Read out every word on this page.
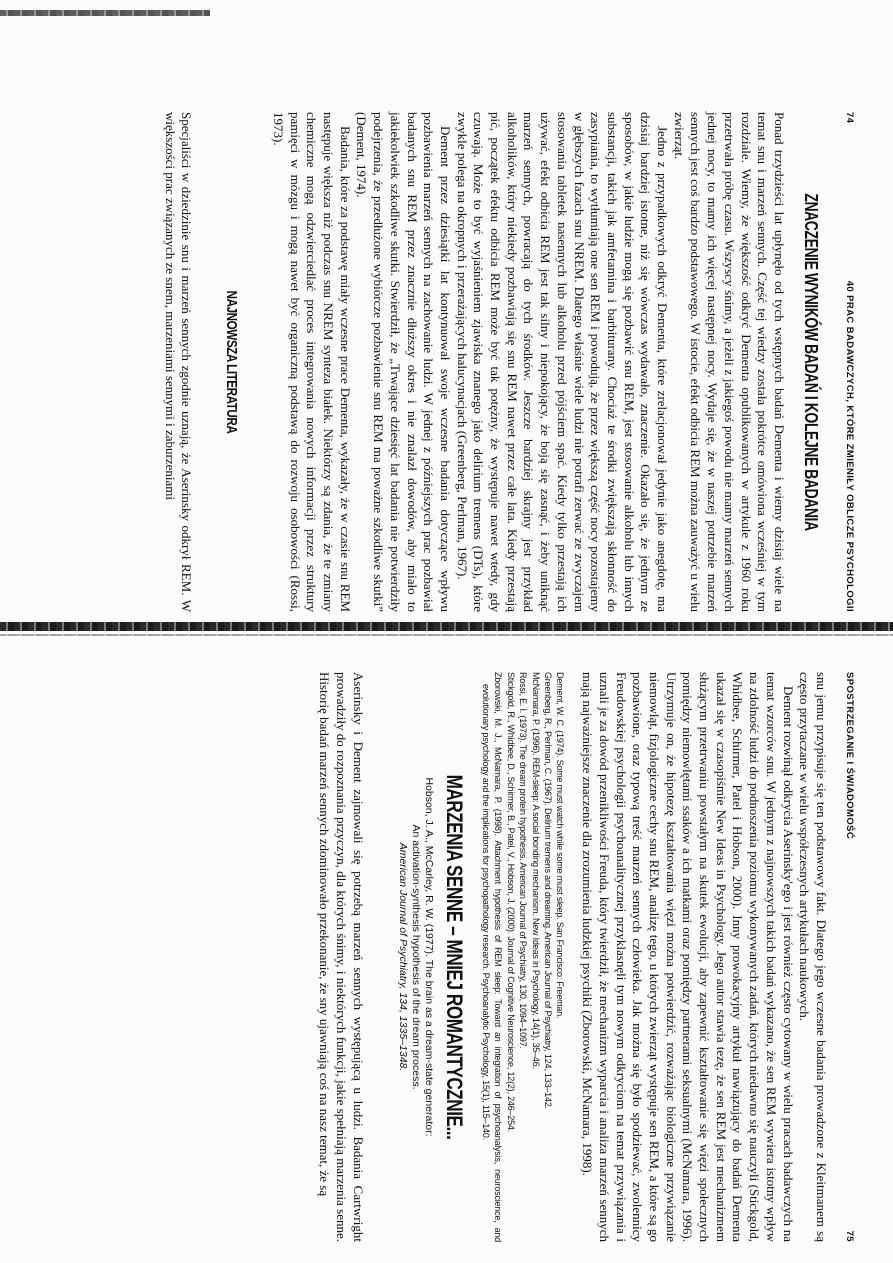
74
40 PRAC BADAWCZYCH, KTÓRE ZMIENIŁY OBLICZE PSYCHOLOGII
ZNACZENIE WYNIKÓW BADAŃ I KOLEJNE BADANIA

Ponad trzydzieści lat upłynęło od tych wstępnych badań Dementa i wiemy dzisiaj wiele na temat snu i marzeń sennych. Część tej wiedzy została pokrótce omówiona wcześniej w tym rozdziale. Wiemy, że większość odkryć Dementa opublikowanych w artykule z 1960 roku przetrwała próbę czasu. Wszyscy śnimy, a jeżeli z jakiegoś powodu nie mamy marzeń sennych jednej nocy, to mamy ich więcej następnej nocy. Wydaje się, że w naszej potrzebie marzeń sennych jest coś bardzo podstawowego. W istocie, efekt odbicia REM można zauważyć u wielu zwierząt.

Jedno z przypadkowych odkryć Dementa, które zrelacjonował jedynie jako anegdotę, ma dzisiaj bardziej istotne, niż się wówczas wydawało, znaczenie. Okazało się, że jednym ze sposobów, w jakie ludzie mogą się pozbawić snu REM, jest stosowanie alkoholu lub innych substancji, takich jak amfetamina i barbiturany. Chociaż te środki zwiększają skłonność do zasypiania, to wytłumiają one sen REM i powodują, że przez większą część nocy pozostajemy w głębszych fazach snu NREM. Dlatego właśnie wiele ludzi nie potrafi zerwać ze zwyczajem stosowania tabletek nasennych lub alkoholu przed pójściem spać. Kiedy tylko przestają ich używać, efekt odbicia REM jest tak silny i niepokojący, że boją się zasnąć, i żeby uniknąć marzeń sennych, powracają do tych środków. Jeszcze bardziej skrajny jest przykład alkoholików, który niekiedy pozbawiają się snu REM nawet przez całe lata. Kiedy przestają pić, początek efektu odbicia REM może być tak potężny, że występuje nawet wtedy, gdy czuwają. Może to być wyjaśnieniem zjawiska znanego jako delirium tremens (DTs), które zwykle polega na okropnych i przerażających halucynacjach (Greenberg, Perlman, 1967).

Dement przez dziesiątki lat kontynuował swoje wczesne badania dotyczące wpływu pozbawienia marzeń sennych na zachowanie ludzi. W jednej z późniejszych prac pozbawiał badanych snu REM przez znacznie dłuższy okres i nie znalazł dowodów, aby miało to jakiekolwiek szkodliwe skutki. Stwierdził, że „Trwające dziesięć lat badania nie potwierdziły podejrzenia, że przedłużone wybiórcze pozbawienie snu REM ma poważne szkodliwe skutki” (Dement, 1974).

Badania, które za podstawę miały wczesne prace Dementa, wykazały, że w czasie snu REM następuje większa niż podczas snu NREM synteza białek. Niektórzy są zdania, że te zmiany chemiczne mogą odzwierciedlać proces integrowania nowych informacji przez struktury pamięci w mózgu i mogą nawet być organiczną podstawą do rozwoju osobowości (Rossi, 1973).

NAJNOWSZA LITERATURA

Specjaliści w dziedzinie snu i marzeń sennych zgodnie uznają, że Aserinsky odkrył REM. W większości prac związanych ze snem, marzeniami sennymi i zaburzeniami

SPOSTRZEGANIE I ŚWIADOMOŚĆ
75

snu jemu przypisuje się ten podstawowy fakt. Dlatego jego wczesne badania prowadzone z Kleitmanem są często przytaczane w wielu współczesnych artykułach naukowych.

Dement rozwinął odkrycia Aserinsky'ego i jest również często cytowany w wielu pracach badawczych na temat wzorców snu. W jednym z najnowszych takich badań wykazano, że sen REM wywiera istotny wpływ na zdolność ludzi do podnoszenia poziomu wykonywanych zadań, których niedawno się nauczyli (Stickgold, Whidbee, Schirmer, Patel i Hobson, 2000). Inny prowokacyjny artykuł nawiązujący do badań Dementa ukazał się w czasopiśmie New Ideas in Psychology. Jego autor stawia tezę, że sen REM jest mechanizmem służącym przetrwaniu powstałym na skutek ewolucji, aby zapewnić kształtowanie się więzi społecznych pomiędzy niemowlętami ssaków a ich matkami oraz pomiędzy partnerami seksualnymi (McNamara, 1996). Utrzymuje on, że hipotezę kształtowania więzi można potwierdzić, rozważając biologiczne przywiązanie niemowląt, fizjologiczne cechy snu REM, analizę tego, u których zwierząt występuje sen REM, a które są go pozbawione, oraz typową treść marzeń sennych człowieka. Jak można się było spodziewać, zwolennicy Freudowskiej psychologii psychoanalitycznej przyklasnęli tym nowym odkryciom na temat przywiązania i uznali je za dowód przenikliwości Freuda, który twierdził, że mechanizm wyparcia i analiza marzeń sennych mają najważniejsze znaczenie dla zrozumienia ludzkiej psychiki (Zborowski, McNamara, 1998).

Dement, W. C. (1974). Some must watch while some must sleep. San Francisco: Freeman.

Greenberg, R., Perlman, C. (1967). Delirium tremens and dreaming. American Journal of Psychiatry, 124, 133–142.

McNamara, P. (1996). REM-sleep: A social bonding mechanism. New Ideas in Psychology, 14(1), 35–46.

Rossi, E. I. (1973). The dream protein hypothesis. American Journal of Psychiatry, 130, 1094–1097.

Stickgold, R., Whidbee, D., Schirmer, B., Patel, V., Hobson, J. (2000). Journal of Cognitive Neuroscience, 12(2), 246–254.

Zborowski, M. J., McNamara, P. (1998). Attachment hypothesis of REM sleep: Toward an integration of psychoanalysis, neuroscience, and evolutionary psychology and the implications for psychopathology research. Psychoanalytic Psychology, 15(1), 115–140.

MARZENIA SENNE – MNIEJ ROMANTYCZNIE...
Hobson, J. A., McCarley, R. W. (1977). The brain as a dream-state generator:
An activation-synthesis hypothesis of the dream process.
American Journal of Psychiatry, 134, 1335–1348.

Aserinsky i Dement zajmowali się potrzebą marzeń sennych występującą u ludzi. Badania Cartwright prowadziły do rozpoznania przyczyn, dla których śnimy, i niektórych funkcji, jakie spełniają marzenia senne. Historię badań marzeń sennych zdominowało przekonanie, że sny ujawniają coś na nasz temat, że są
